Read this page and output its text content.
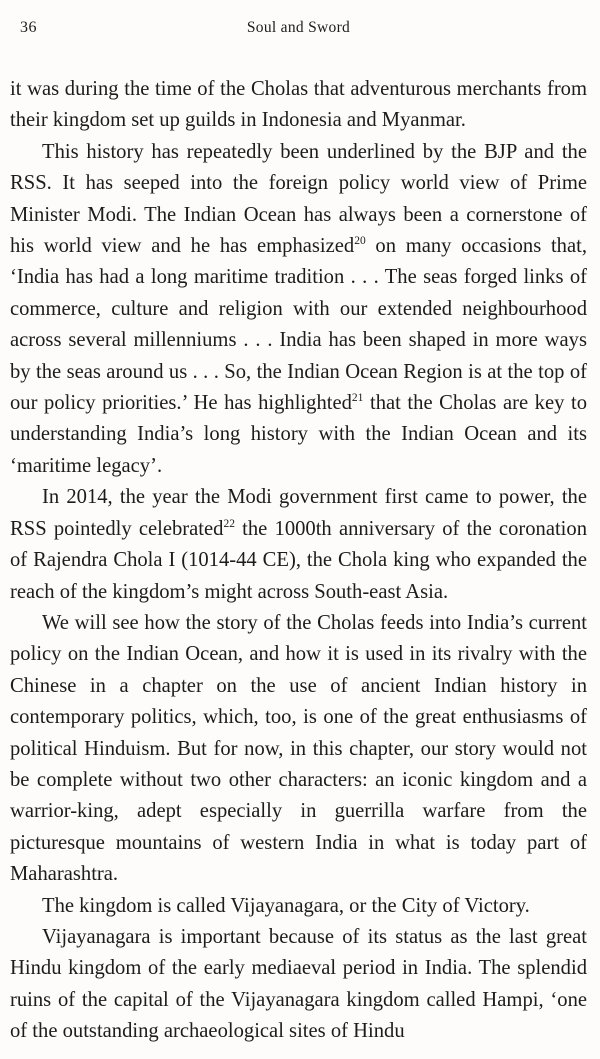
36	Soul and Sword

it was during the time of the Cholas that adventurous merchants from their kingdom set up guilds in Indonesia and Myanmar.

This history has repeatedly been underlined by the BJP and the RSS. It has seeped into the foreign policy world view of Prime Minister Modi. The Indian Ocean has always been a cornerstone of his world view and he has emphasized$^{20}$ on many occasions that, ‘India has had a long maritime tradition . . . The seas forged links of commerce, culture and religion with our extended neighbourhood across several millenniums . . . India has been shaped in more ways by the seas around us . . . So, the Indian Ocean Region is at the top of our policy priorities.’ He has highlighted$^{21}$ that the Cholas are key to understanding India’s long history with the Indian Ocean and its ‘maritime legacy’.

In 2014, the year the Modi government first came to power, the RSS pointedly celebrated$^{22}$ the 1000th anniversary of the coronation of Rajendra Chola I (1014-44 CE), the Chola king who expanded the reach of the kingdom’s might across South-east Asia.

We will see how the story of the Cholas feeds into India’s current policy on the Indian Ocean, and how it is used in its rivalry with the Chinese in a chapter on the use of ancient Indian history in contemporary politics, which, too, is one of the great enthusiasms of political Hinduism. But for now, in this chapter, our story would not be complete without two other characters: an iconic kingdom and a warrior-king, adept especially in guerrilla warfare from the picturesque mountains of western India in what is today part of Maharashtra.

The kingdom is called Vijayanagara, or the City of Victory.

Vijayanagara is important because of its status as the last great Hindu kingdom of the early mediaeval period in India. The splendid ruins of the capital of the Vijayanagara kingdom called Hampi, ‘one of the outstanding archaeological sites of Hindu
